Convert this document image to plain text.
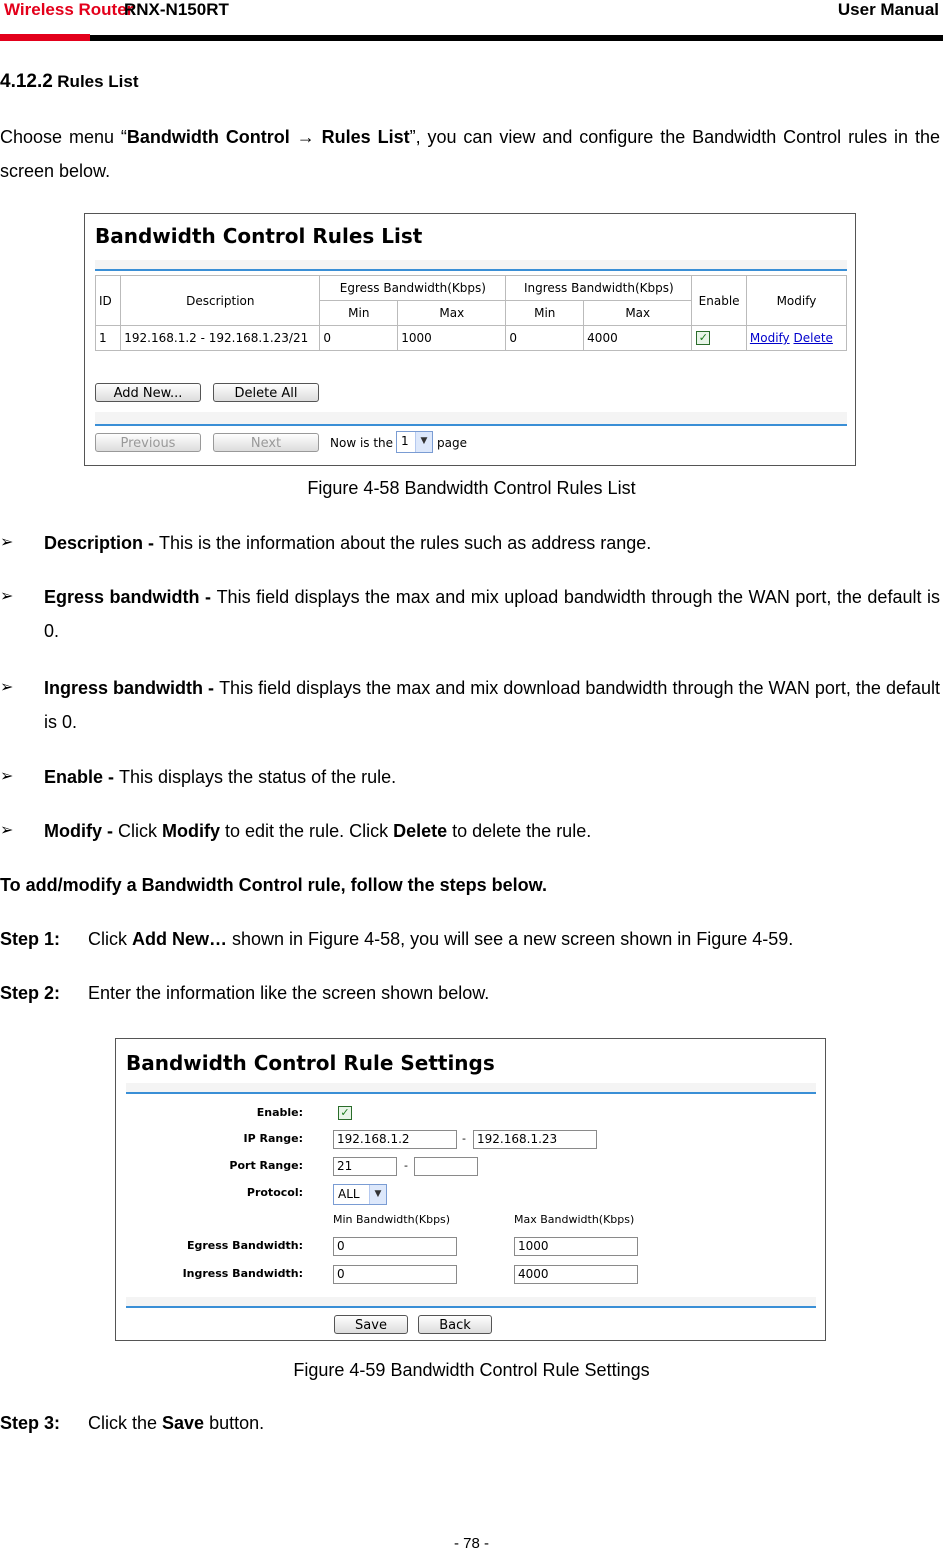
Wireless Router
RNX-N150RT	User Manual
4.12.2 Rules List
Choose menu “Bandwidth Control → Rules List”, you can view and configure the Bandwidth Control rules in the screen below.
Bandwidth Control Rules List
ID	Description	Egress Bandwidth(Kbps)		Ingress Bandwidth(Kbps)		Enable	Modify
		Min	Max	Min	Max		
1	192.168.1.2 - 192.168.1.23/21	0	1000	0	4000	✓	Modify Delete
Add New...	Delete All
Previous	Next	Now is the 1	▼ page
Figure 4-58 Bandwidth Control Rules List
➢ Description - This is the information about the rules such as address range.
➢ Egress bandwidth - This field displays the max and mix upload bandwidth through the WAN port, the default is 0.
➢ Ingress bandwidth - This field displays the max and mix download bandwidth through the WAN port, the default is 0.
➢ Enable - This displays the status of the rule.
➢ Modify - Click Modify to edit the rule. Click Delete to delete the rule.
To add/modify a Bandwidth Control rule, follow the steps below.
Step 1: Click Add New… shown in Figure 4-58, you will see a new screen shown in Figure 4-59.
Step 2: Enter the information like the screen shown below.
Bandwidth Control Rule Settings
Enable:	✓
IP Range:	192.168.1.2	- 192.168.1.23
Port Range:	21	-
Protocol:	ALL	▼
Min Bandwidth(Kbps)	Max Bandwidth(Kbps)
Egress Bandwidth:	0	1000
Ingress Bandwidth:	0	4000
Save	Back
Figure 4-59 Bandwidth Control Rule Settings
Step 3: Click the Save button.
- 78 -
